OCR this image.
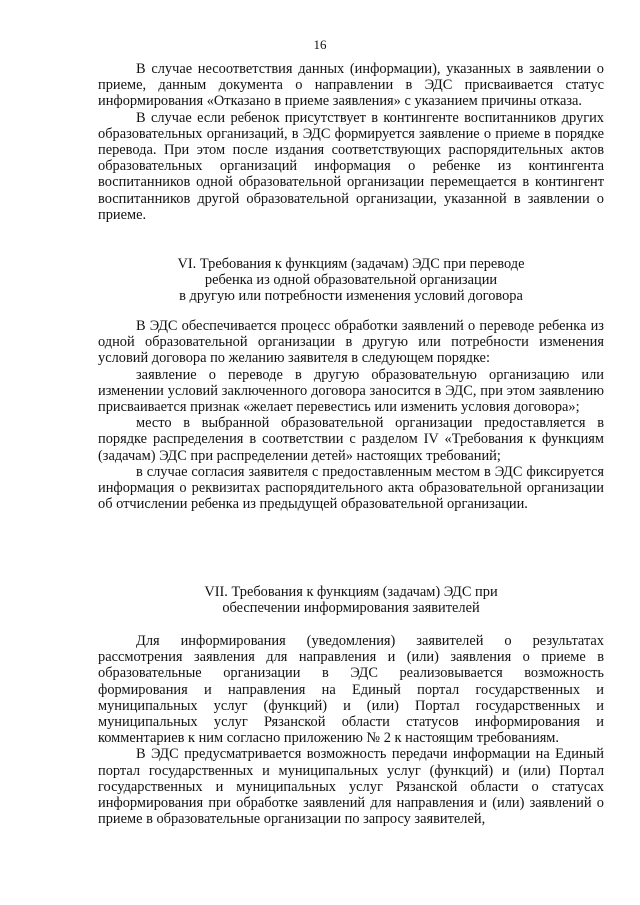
16

В случае несоответствия данных (информации), указанных в заявлении о приеме, данным документа о направлении в ЭДС присваивается статус информирования «Отказано в приеме заявления» с указанием причины отказа.

В случае если ребенок присутствует в контингенте воспитанников других образовательных организаций, в ЭДС формируется заявление о приеме в порядке перевода. При этом после издания соответствующих распорядительных актов образовательных организаций информация о ребенке из контингента воспитанников одной образовательной организации перемещается в контингент воспитанников другой образовательной организации, указанной в заявлении о приеме.

VI. Требования к функциям (задачам) ЭДС при переводе
ребенка из одной образовательной организации
в другую или потребности изменения условий договора

В ЭДС обеспечивается процесс обработки заявлений о переводе ребенка из одной образовательной организации в другую или потребности изменения условий договора по желанию заявителя в следующем порядке:

заявление о переводе в другую образовательную организацию или изменении условий заключенного договора заносится в ЭДС, при этом заявлению присваивается признак «желает перевестись или изменить условия договора»;

место в выбранной образовательной организации предоставляется в порядке распределения в соответствии с разделом IV «Требования к функциям (задачам) ЭДС при распределении детей» настоящих требований;

в случае согласия заявителя с предоставленным местом в ЭДС фиксируется информация о реквизитах распорядительного акта образовательной организации об отчислении ребенка из предыдущей образовательной организации.

VII. Требования к функциям (задачам) ЭДС при
обеспечении информирования заявителей

Для информирования (уведомления) заявителей о результатах рассмотрения заявления для направления и (или) заявления о приеме в образовательные организации в ЭДС реализовывается возможность формирования и направления на Единый портал государственных и муниципальных услуг (функций) и (или) Портал государственных и муниципальных услуг Рязанской области статусов информирования и комментариев к ним согласно приложению № 2 к настоящим требованиям.

В ЭДС предусматривается возможность передачи информации на Единый портал государственных и муниципальных услуг (функций) и (или) Портал государственных и муниципальных услуг Рязанской области о статусах информирования при обработке заявлений для направления и (или) заявлений о приеме в образовательные организации по запросу заявителей,
